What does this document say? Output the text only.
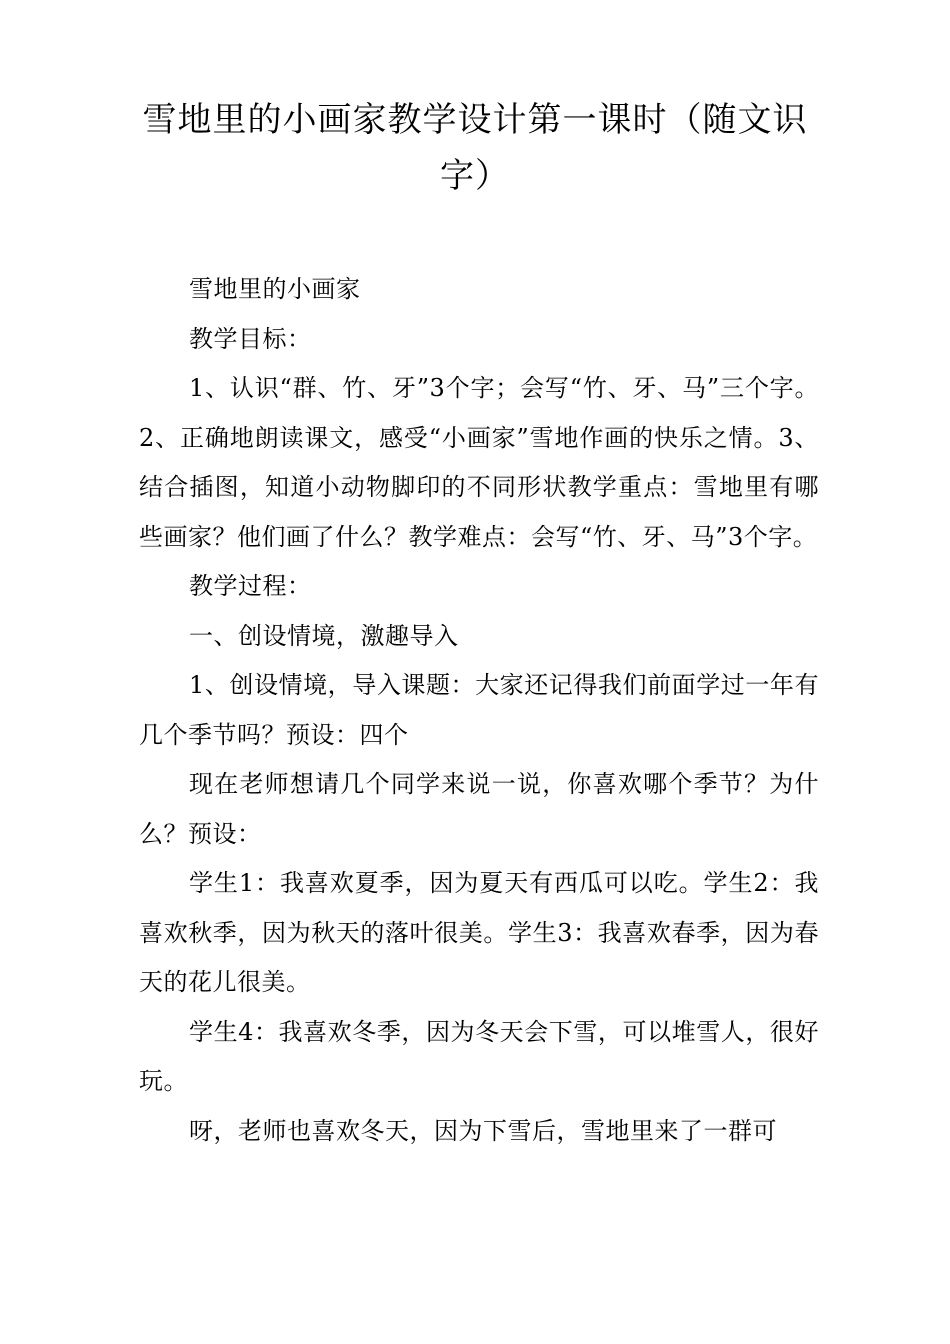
雪地里的小画家教学设计第一课时（随文识字）

雪地里的小画家

教学目标：

1、认识“群、竹、牙”3个字；会写“竹、牙、马”三个字。2、正确地朗读课文，感受“小画家”雪地作画的快乐之情。3、结合插图，知道小动物脚印的不同形状教学重点：雪地里有哪些画家？他们画了什么？教学难点：会写“竹、牙、马”3个字。

教学过程：

一、创设情境，激趣导入

1、创设情境，导入课题：大家还记得我们前面学过一年有几个季节吗？预设：四个

现在老师想请几个同学来说一说，你喜欢哪个季节？为什么？预设：

学生1：我喜欢夏季，因为夏天有西瓜可以吃。学生2：我喜欢秋季，因为秋天的落叶很美。学生3：我喜欢春季，因为春天的花儿很美。

学生4：我喜欢冬季，因为冬天会下雪，可以堆雪人，很好玩。

呀，老师也喜欢冬天，因为下雪后，雪地里来了一群可
